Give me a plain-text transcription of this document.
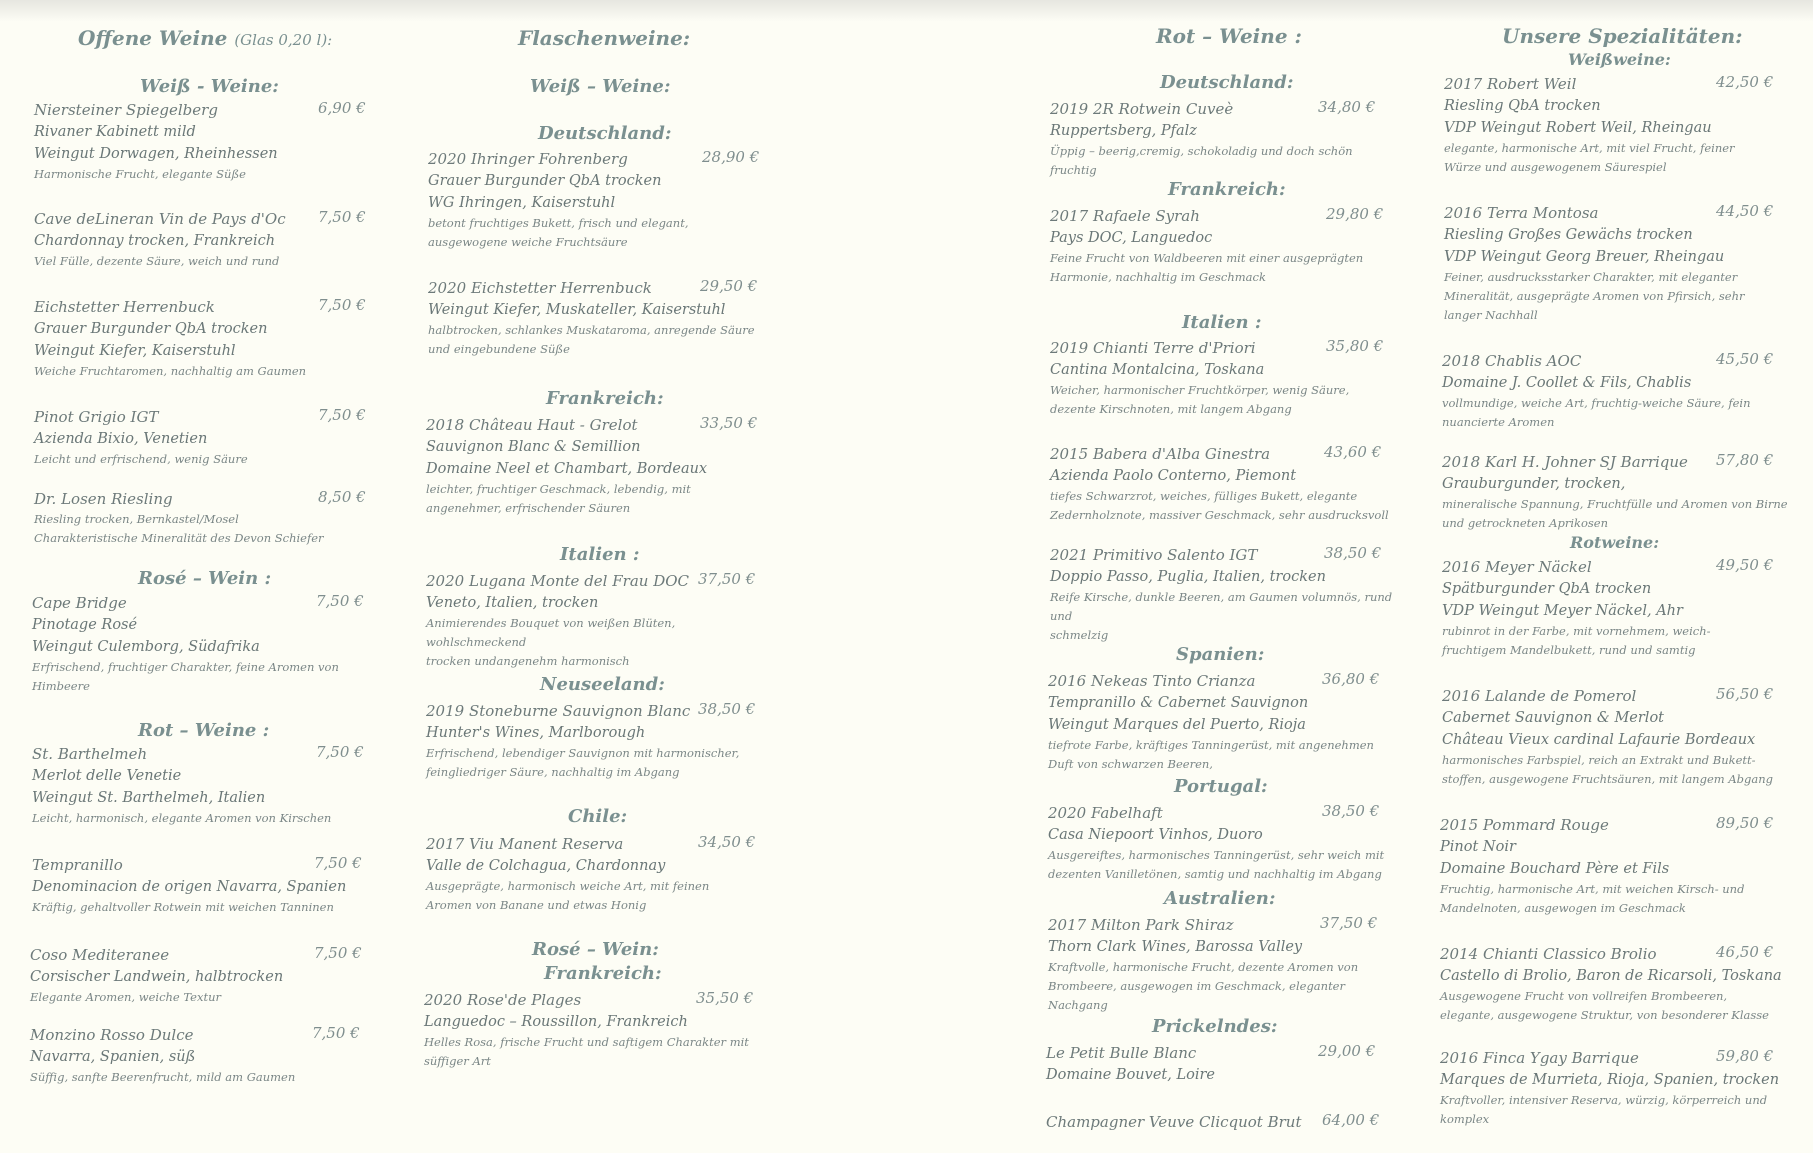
Offene Weine (Glas 0,20 l):
Weiß - Weine:
Niersteiner Spiegelberg	6,90 €
Rivaner Kabinett mild
Weingut Dorwagen, Rheinhessen
Harmonische Frucht, elegante Süße
Cave deLineran Vin de Pays d'Oc	7,50 €
Chardonnay trocken, Frankreich
Viel Fülle, dezente Säure, weich und rund
Eichstetter Herrenbuck	7,50 €
Grauer Burgunder QbA trocken
Weingut Kiefer, Kaiserstuhl
Weiche Fruchtaromen, nachhaltig am Gaumen
Pinot Grigio IGT	7,50 €
Azienda Bixio, Venetien
Leicht und erfrischend, wenig Säure
Dr. Losen Riesling	8,50 €
Riesling trocken, Bernkastel/Mosel
Charakteristische Mineralität des Devon Schiefer
Rosé – Wein :
Cape Bridge	7,50 €
Pinotage Rosé
Weingut Culemborg, Südafrika
Erfrischend, fruchtiger Charakter, feine Aromen von
Himbeere
Rot – Weine :
St. Barthelmeh	7,50 €
Merlot delle Venetie
Weingut St. Barthelmeh, Italien
Leicht, harmonisch, elegante Aromen von Kirschen
Tempranillo	7,50 €
Denominacion de origen Navarra, Spanien
Kräftig, gehaltvoller Rotwein mit weichen Tanninen
Coso Mediteranee	7,50 €
Corsischer Landwein, halbtrocken
Elegante Aromen, weiche Textur
Monzino Rosso Dulce	7,50 €
Navarra, Spanien, süß
Süffig, sanfte Beerenfrucht, mild am Gaumen
Flaschenweine:
Weiß – Weine:
Deutschland:
2020 Ihringer Fohrenberg	28,90 €
Grauer Burgunder QbA trocken
WG Ihringen, Kaiserstuhl
betont fruchtiges Bukett, frisch und elegant,
ausgewogene weiche Fruchtsäure
2020 Eichstetter Herrenbuck	29,50 €
Weingut Kiefer, Muskateller, Kaiserstuhl
halbtrocken, schlankes Muskataroma, anregende Säure
und eingebundene Süße
Frankreich:
2018 Château Haut - Grelot	33,50 €
Sauvignon Blanc & Semillion
Domaine Neel et Chambart, Bordeaux
leichter, fruchtiger Geschmack, lebendig, mit
angenehmer, erfrischender Säuren
Italien :
2020 Lugana Monte del Frau DOC 37,50 €
Veneto, Italien, trocken
Animierendes Bouquet von weißen Blüten, wohlschmeckend
trocken undangenehm harmonisch
Neuseeland:
2019 Stoneburne Sauvignon Blanc 38,50 €
Hunter's Wines, Marlborough
Erfrischend, lebendiger Sauvignon mit harmonischer,
feingliedriger Säure, nachhaltig im Abgang
Chile:
2017 Viu Manent Reserva	34,50 €
Valle de Colchagua, Chardonnay
Ausgeprägte, harmonisch weiche Art, mit feinen
Aromen von Banane und etwas Honig
Rosé – Wein:
Frankreich:
2020 Rose'de Plages	35,50 €
Languedoc – Roussillon, Frankreich
Helles Rosa, frische Frucht und saftigem Charakter mit
süffiger Art
Rot – Weine :
Deutschland:
2019 2R Rotwein Cuveè	34,80 €
Ruppertsberg, Pfalz
Üppig – beerig,cremig, schokoladig und doch schön fruchtig
Frankreich:
2017 Rafaele Syrah	29,80 €
Pays DOC, Languedoc
Feine Frucht von Waldbeeren mit einer ausgeprägten
Harmonie, nachhaltig im Geschmack
Italien :
2019 Chianti Terre d'Priori	35,80 €
Cantina Montalcina, Toskana
Weicher, harmonischer Fruchtkörper, wenig Säure,
dezente Kirschnoten, mit langem Abgang
2015 Babera d'Alba Ginestra	43,60 €
Azienda Paolo Conterno, Piemont
tiefes Schwarzrot, weiches, fülliges Bukett, elegante
Zedernholznote, massiver Geschmack, sehr ausdrucksvoll
2021 Primitivo Salento IGT	38,50 €
Doppio Passo, Puglia, Italien, trocken
Reife Kirsche, dunkle Beeren, am Gaumen volumnös, rund und
schmelzig
Spanien:
2016 Nekeas Tinto Crianza	36,80 €
Tempranillo & Cabernet Sauvignon
Weingut Marques del Puerto, Rioja
tiefrote Farbe, kräftiges Tanningerüst, mit angenehmen
Duft von schwarzen Beeren,
Portugal:
2020 Fabelhaft	38,50 €
Casa Niepoort Vinhos, Duoro
Ausgereiftes, harmonisches Tanningerüst, sehr weich mit
dezenten Vanilletönen, samtig und nachhaltig im Abgang
Australien:
2017 Milton Park Shiraz	37,50 €
Thorn Clark Wines, Barossa Valley
Kraftvolle, harmonische Frucht, dezente Aromen von
Brombeere, ausgewogen im Geschmack, eleganter
Nachgang
Prickelndes:
Le Petit Bulle Blanc	29,00 €
Domaine Bouvet, Loire
Champagner Veuve Clicquot Brut	64,00 €
Unsere Spezialitäten:
Weißweine:
2017 Robert Weil	42,50 €
Riesling QbA trocken
VDP Weingut Robert Weil, Rheingau
elegante, harmonische Art, mit viel Frucht, feiner
Würze und ausgewogenem Säurespiel
2016 Terra Montosa	44,50 €
Riesling Großes Gewächs trocken
VDP Weingut Georg Breuer, Rheingau
Feiner, ausdrucksstarker Charakter, mit eleganter
Mineralität, ausgeprägte Aromen von Pfirsich, sehr
langer Nachhall
2018 Chablis AOC	45,50 €
Domaine J. Coollet & Fils, Chablis
vollmundige, weiche Art, fruchtig-weiche Säure, fein
nuancierte Aromen
2018 Karl H. Johner SJ Barrique	57,80 €
Grauburgunder, trocken,
mineralische Spannung, Fruchtfülle und Aromen von Birne
und getrockneten Aprikosen
Rotweine:
2016 Meyer Näckel	49,50 €
Spätburgunder QbA trocken
VDP Weingut Meyer Näckel, Ahr
rubinrot in der Farbe, mit vornehmem, weich-
fruchtigem Mandelbukett, rund und samtig
2016 Lalande de Pomerol	56,50 €
Cabernet Sauvignon & Merlot
Château Vieux cardinal Lafaurie Bordeaux
harmonisches Farbspiel, reich an Extrakt und Bukett-
stoffen, ausgewogene Fruchtsäuren, mit langem Abgang
2015 Pommard Rouge	89,50 €
Pinot Noir
Domaine Bouchard Père et Fils
Fruchtig, harmonische Art, mit weichen Kirsch- und
Mandelnoten, ausgewogen im Geschmack
2014 Chianti Classico Brolio	46,50 €
Castello di Brolio, Baron de Ricarsoli, Toskana
Ausgewogene Frucht von vollreifen Brombeeren,
elegante, ausgewogene Struktur, von besonderer Klasse
2016 Finca Ygay Barrique	59,80 €
Marques de Murrieta, Rioja, Spanien, trocken
Kraftvoller, intensiver Reserva, würzig, körperreich und
komplex
